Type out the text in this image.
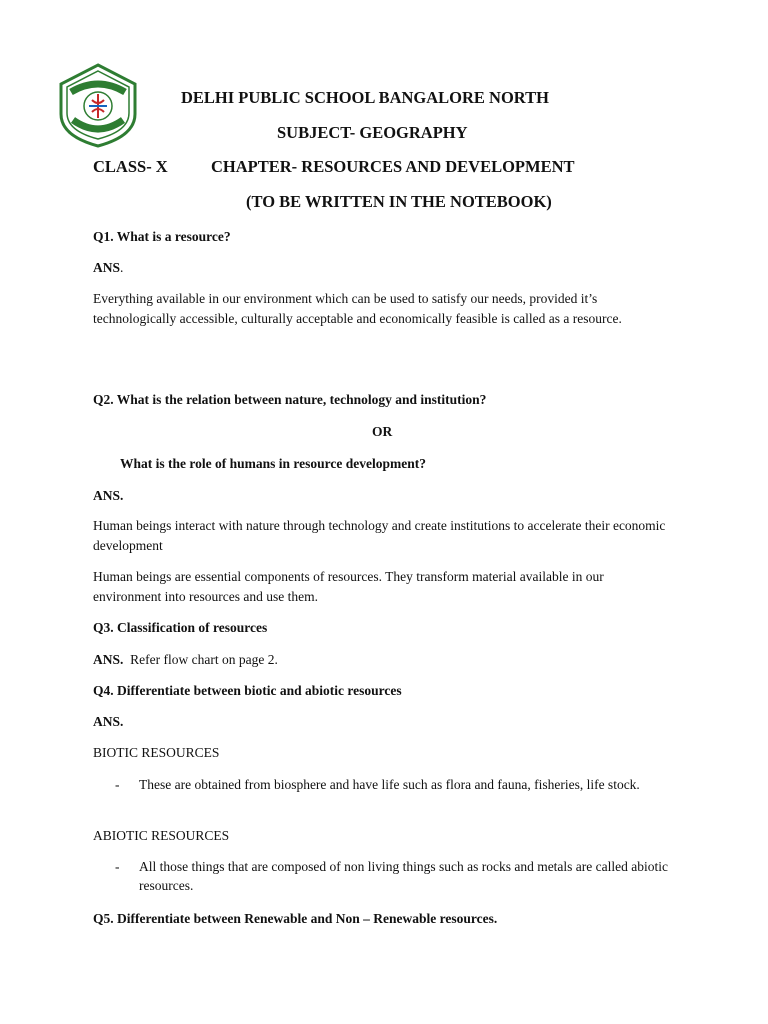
DELHI PUBLIC SCHOOL BANGALORE NORTH
SUBJECT- GEOGRAPHY
CLASS- X	CHAPTER- RESOURCES AND DEVELOPMENT
(TO BE WRITTEN IN THE NOTEBOOK)
Q1. What is a resource?
ANS.
Everything available in our environment which can be used to satisfy our needs, provided it’s technologically accessible, culturally acceptable and economically feasible is called as a resource.
Q2. What is the relation between nature, technology and institution?
OR
What is the role of humans in resource development?
ANS.
Human beings interact with nature through technology and create institutions to accelerate their economic development
Human beings are essential components of resources. They transform material available in our environment into resources and use them.
Q3. Classification of resources
ANS. Refer flow chart on page 2.
Q4. Differentiate between biotic and abiotic resources
ANS.
BIOTIC RESOURCES
- These are obtained from biosphere and have life such as flora and fauna, fisheries, life stock.
ABIOTIC RESOURCES
- All those things that are composed of non living things such as rocks and metals are called abiotic resources.
Q5. Differentiate between Renewable and Non – Renewable resources.
